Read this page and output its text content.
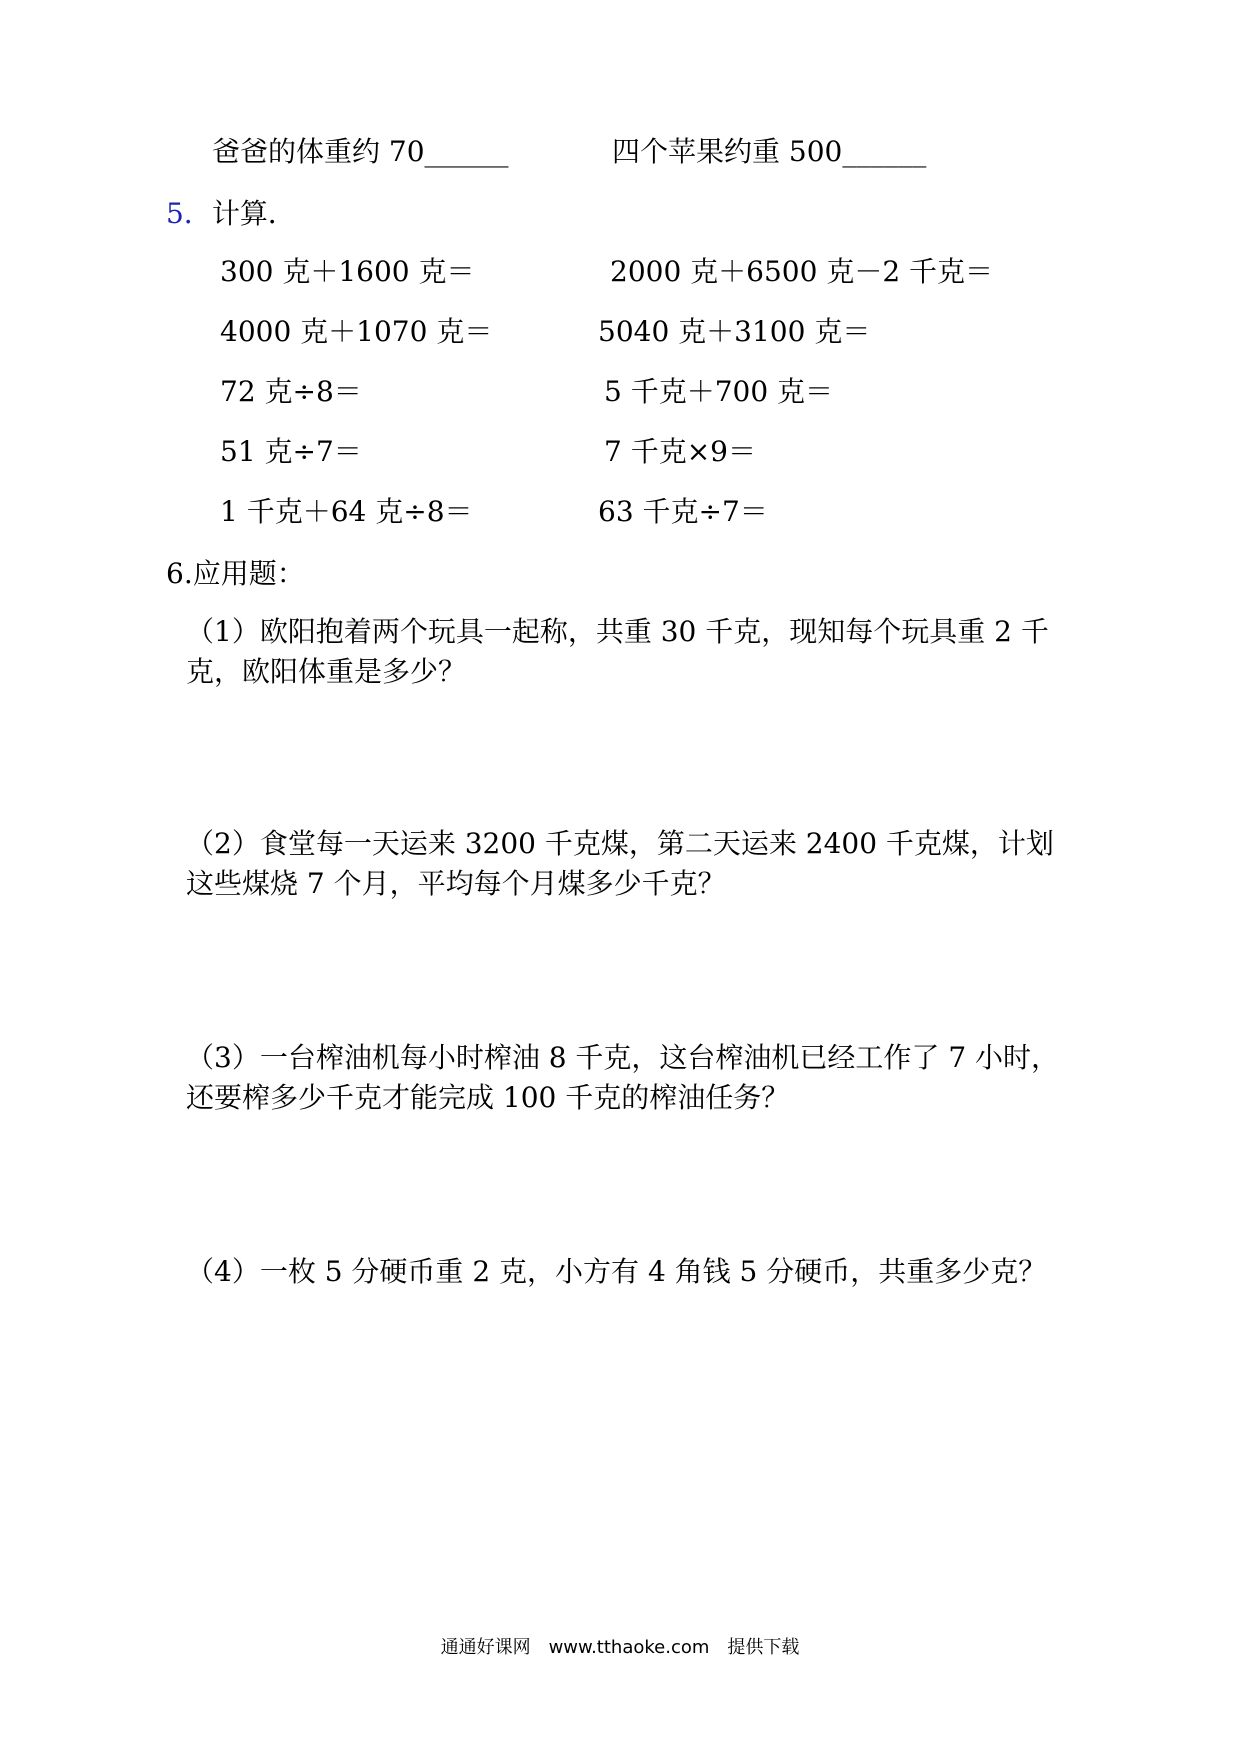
爸爸的体重约 70______	四个苹果约重 500______
5．计算．
300 克＋1600 克＝	2000 克＋6500 克－2 千克＝
4000 克＋1070 克＝	5040 克＋3100 克＝
72 克÷8＝	5 千克＋700 克＝
51 克÷7＝	7 千克×9＝
1 千克＋64 克÷8＝	63 千克÷7＝
6.应用题：
（1）欧阳抱着两个玩具一起称，共重 30 千克，现知每个玩具重 2 千克，欧阳体重是多少？
（2）食堂每一天运来 3200 千克煤，第二天运来 2400 千克煤，计划这些煤烧 7 个月，平均每个月煤多少千克？
（3）一台榨油机每小时榨油 8 千克，这台榨油机已经工作了 7 小时，还要榨多少千克才能完成 100 千克的榨油任务？
（4）一枚 5 分硬币重 2 克，小方有 4 角钱 5 分硬币，共重多少克？
通通好课网　www.tthaoke.com　提供下载
